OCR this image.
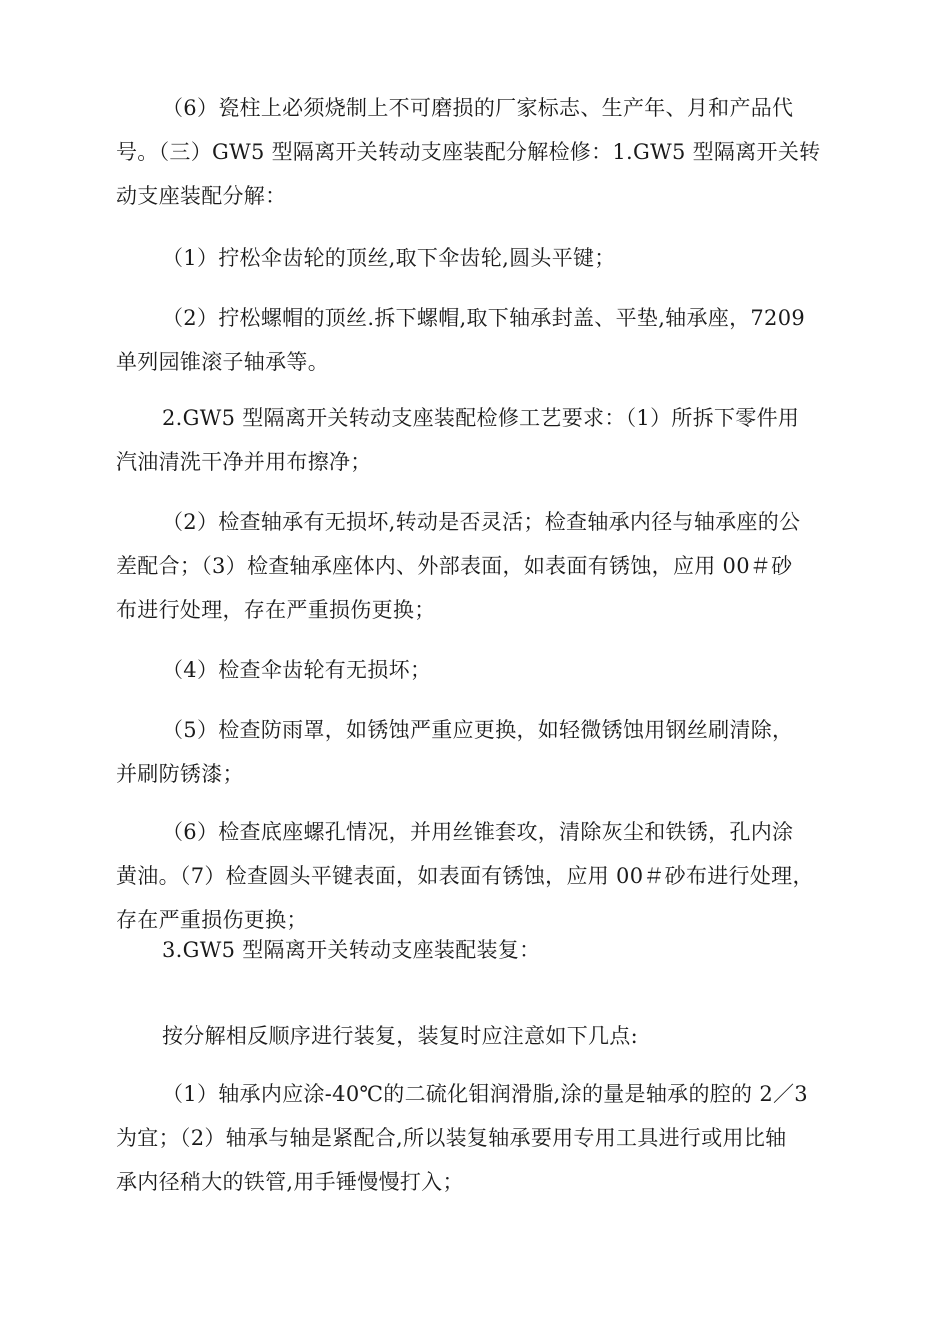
（6）瓷柱上必须烧制上不可磨损的厂家标志、生产年、月和产品代
号。（三）GW5 型隔离开关转动支座装配分解检修：1.GW5 型隔离开关转
动支座装配分解：

（1）拧松伞齿轮的顶丝,取下伞齿轮,圆头平键；

（2）拧松螺帽的顶丝.拆下螺帽,取下轴承封盖、平垫,轴承座，7209
单列园锥滚子轴承等。

2.GW5 型隔离开关转动支座装配检修工艺要求：（1）所拆下零件用
汽油清洗干净并用布擦净；

（2）检查轴承有无损坏,转动是否灵活；检查轴承内径与轴承座的公
差配合；（3）检查轴承座体内、外部表面，如表面有锈蚀，应用 00＃砂
布进行处理，存在严重损伤更换；

（4）检查伞齿轮有无损坏；

（5）检查防雨罩，如锈蚀严重应更换，如轻微锈蚀用钢丝刷清除，
并刷防锈漆；

（6）检查底座螺孔情况，并用丝锥套攻，清除灰尘和铁锈，孔内涂
黄油。（7）检查圆头平键表面，如表面有锈蚀，应用 00＃砂布进行处理，
存在严重损伤更换；

3.GW5 型隔离开关转动支座装配装复：

按分解相反顺序进行装复，装复时应注意如下几点:

（1）轴承内应涂-40℃的二硫化钼润滑脂,涂的量是轴承的腔的 2／3
为宜；（2）轴承与轴是紧配合,所以装复轴承要用专用工具进行或用比轴
承内径稍大的铁管,用手锤慢慢打入；
